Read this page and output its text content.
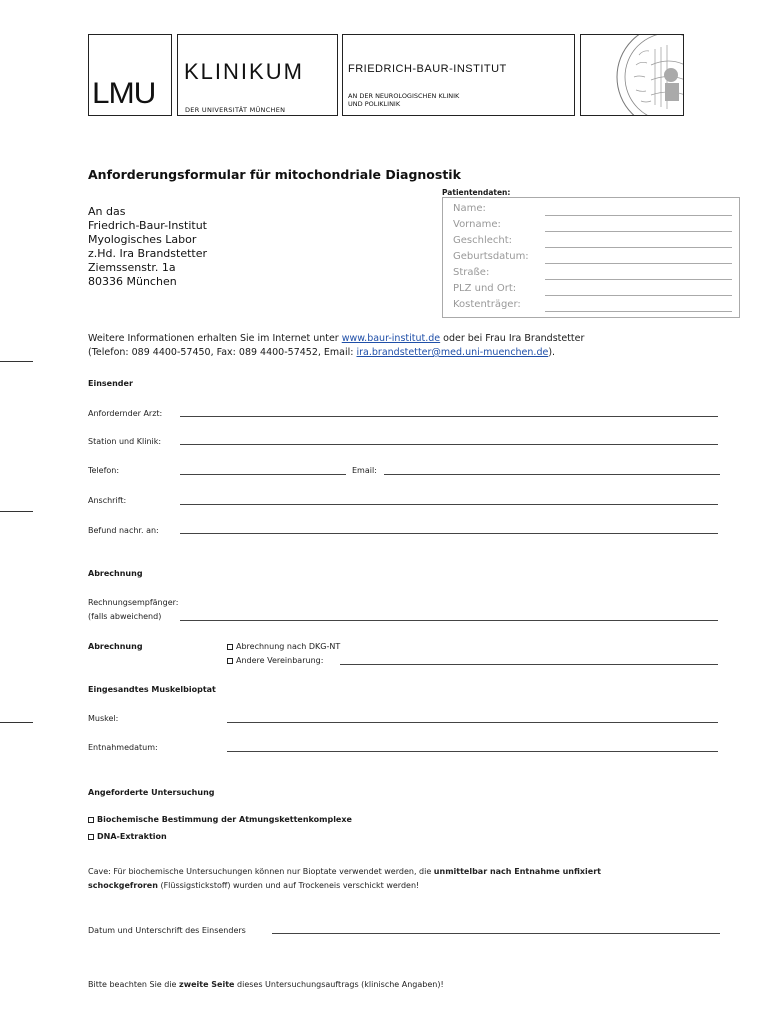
LMU
KLINIKUM
DER UNIVERSITÄT MÜNCHEN
FRIEDRICH-BAUR-INSTITUT
AN DER NEUROLOGISCHEN KLINIK
UND POLIKLINIK
Anforderungsformular für mitochondriale Diagnostik
Patientendaten:
Name:
Vorname:
Geschlecht:
Geburtsdatum:
Straße:
PLZ und Ort:
Kostenträger:
An das
Friedrich-Baur-Institut
Myologisches Labor
z.Hd. Ira Brandstetter
Ziemssenstr. 1a
80336 München
Weitere Informationen erhalten Sie im Internet unter www.baur-institut.de oder bei Frau Ira Brandstetter
(Telefon: 089 4400-57450, Fax: 089 4400-57452, Email: ira.brandstetter@med.uni-muenchen.de).
Einsender
Anfordernder Arzt:
Station und Klinik:
Telefon:	Email:
Anschrift:
Befund nachr. an:
Abrechnung
Rechnungsempfänger:
(falls abweichend)
Abrechnung	Abrechnung nach DKG-NT
Andere Vereinbarung:
Eingesandtes Muskelbioptat
Muskel:
Entnahmedatum:
Angeforderte Untersuchung
Biochemische Bestimmung der Atmungskettenkomplexe
DNA-Extraktion
Cave: Für biochemische Untersuchungen können nur Bioptate verwendet werden, die unmittelbar nach Entnahme unfixiert
schockgefroren (Flüssigstickstoff) wurden und auf Trockeneis verschickt werden!
Datum und Unterschrift des Einsenders
Bitte beachten Sie die zweite Seite dieses Untersuchungsauftrags (klinische Angaben)!
